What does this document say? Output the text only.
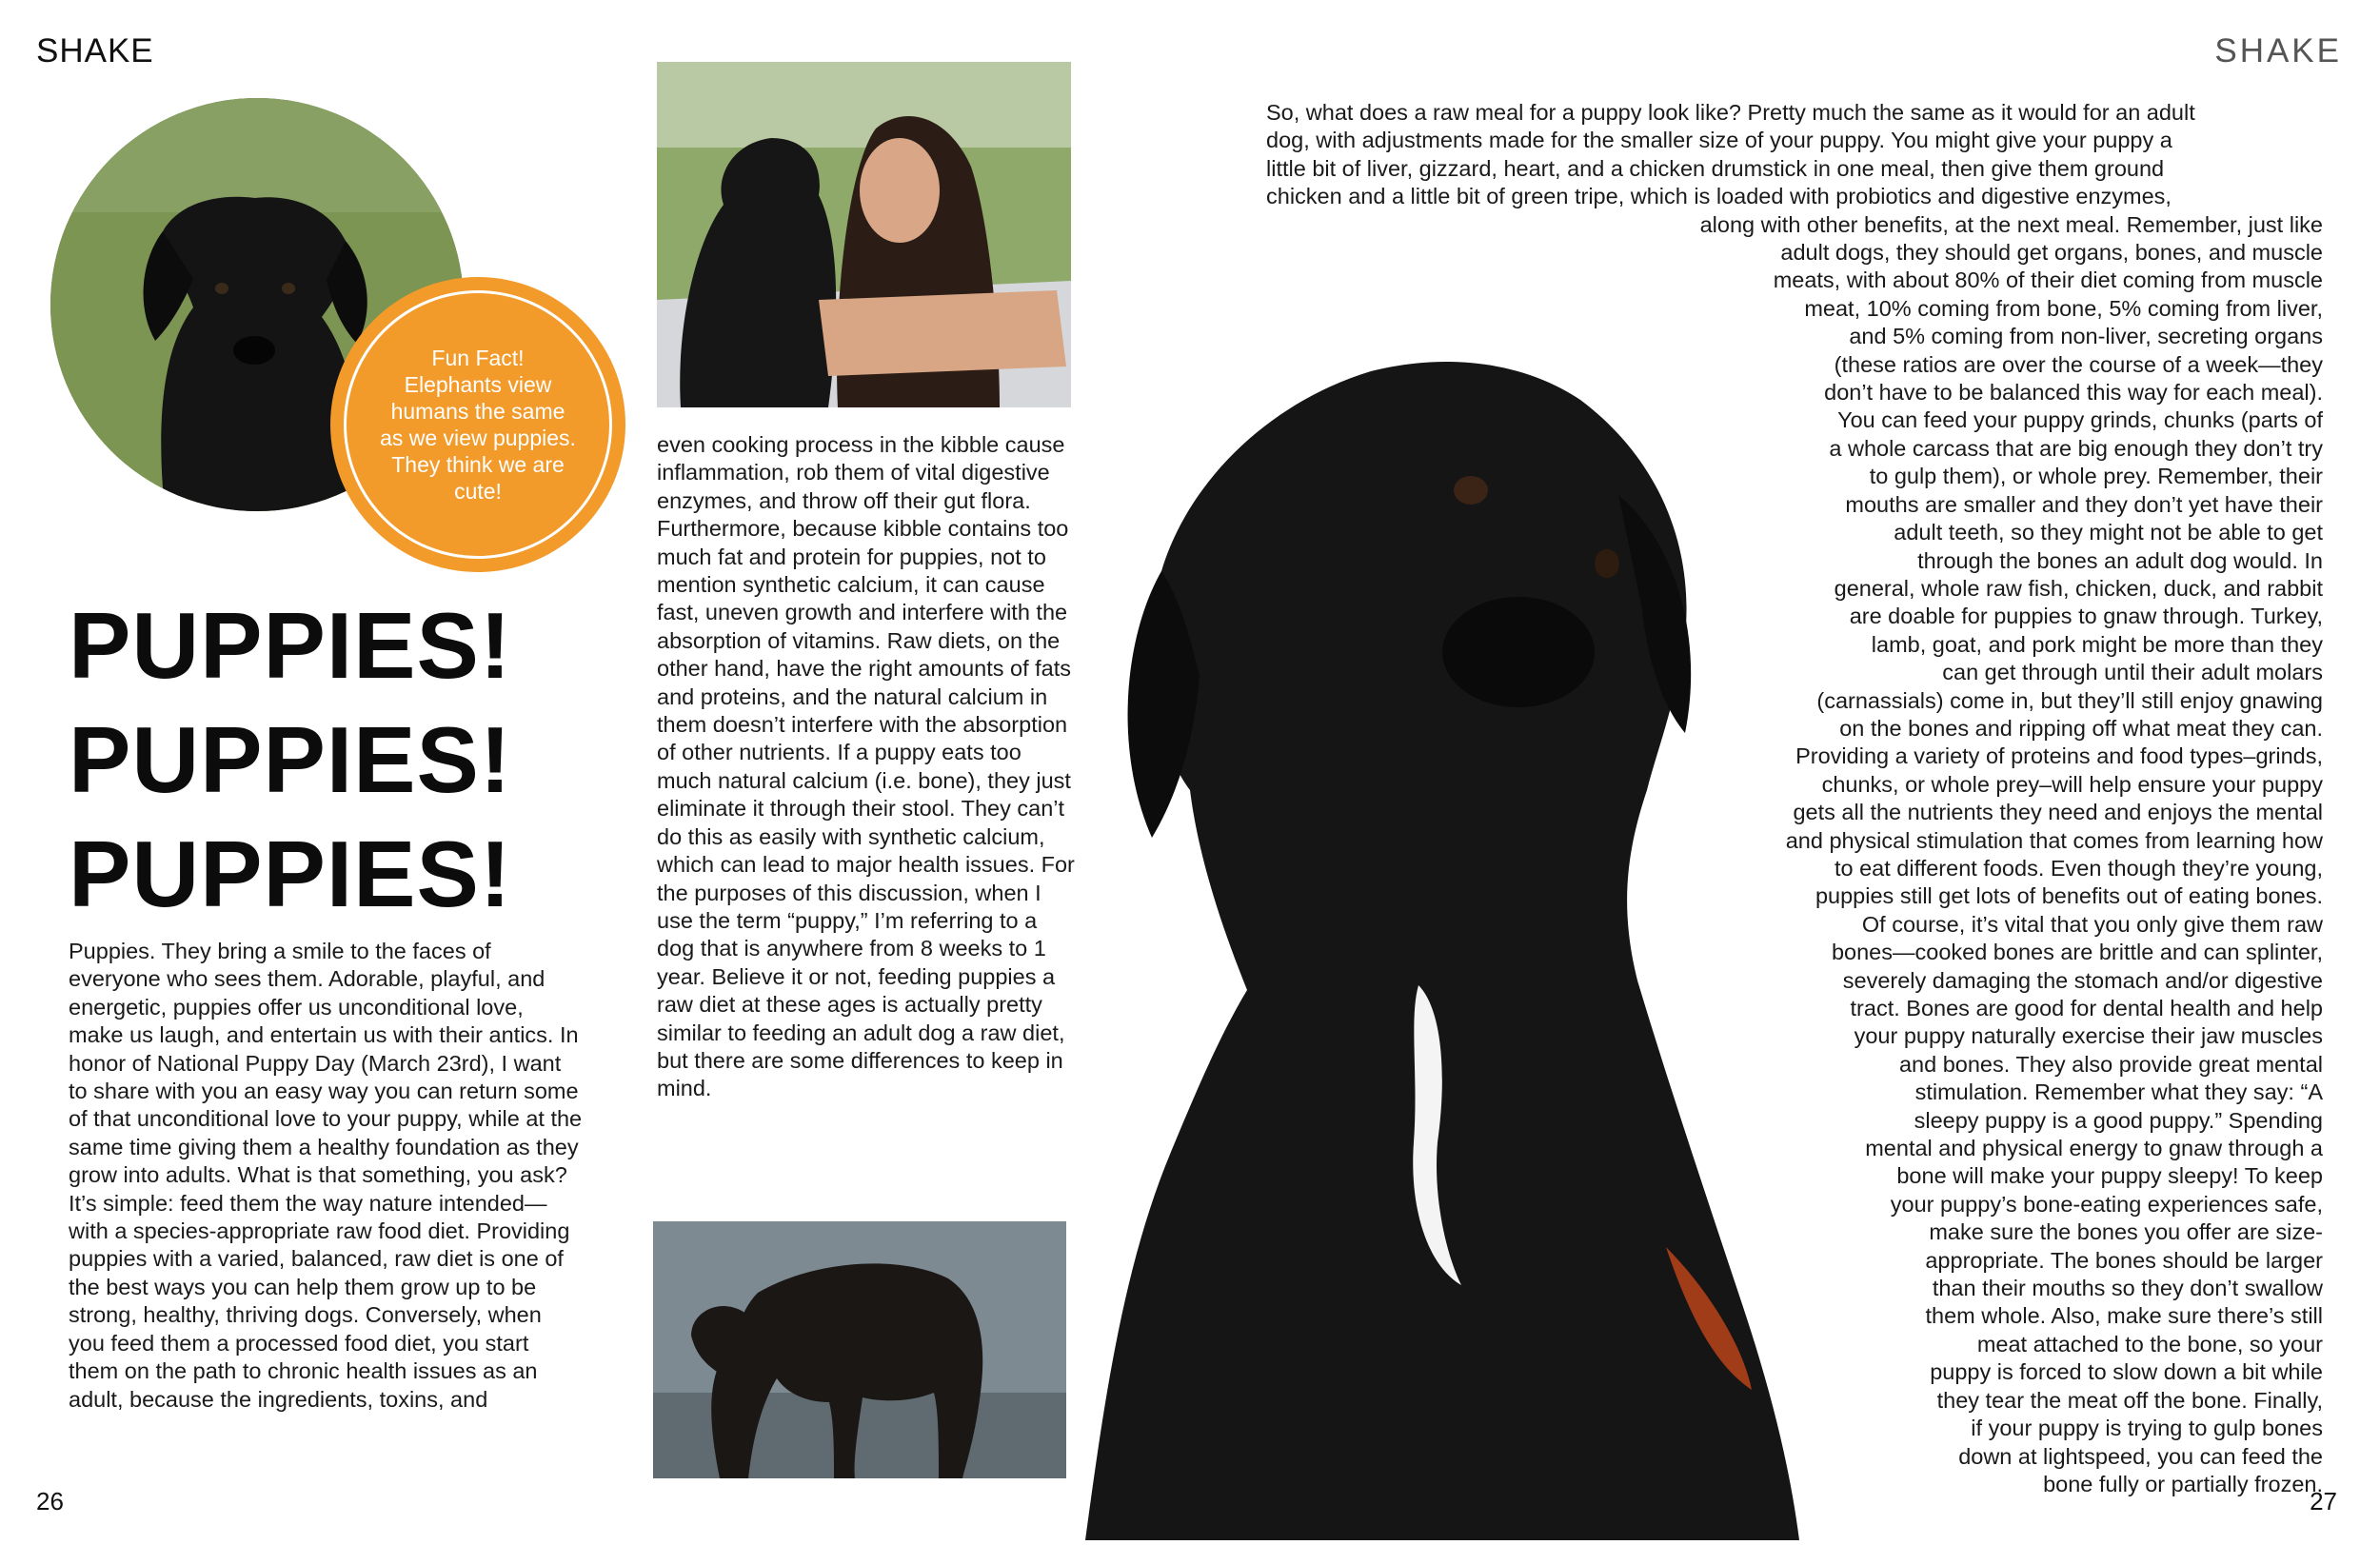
SHAKE	SHAKE
26	27
Fun Fact!
Elephants view humans the same as we view puppies. They think we are cute!
PUPPIES!
PUPPIES!
PUPPIES!
Puppies. They bring a smile to the faces of everyone who sees them. Adorable, playful, and energetic, puppies offer us unconditional love, make us laugh, and entertain us with their antics. In honor of National Puppy Day (March 23rd), I want to share with you an easy way you can return some of that unconditional love to your puppy, while at the same time giving them a healthy foundation as they grow into adults. What is that something, you ask? It’s simple: feed them the way nature intended—with a species-appropriate raw food diet. Providing puppies with a varied, balanced, raw diet is one of the best ways you can help them grow up to be strong, healthy, thriving dogs. Conversely, when you feed them a processed food diet, you start them on the path to chronic health issues as an adult, because the ingredients, toxins, and
even cooking process in the kibble cause inflammation, rob them of vital digestive enzymes, and throw off their gut flora. Furthermore, because kibble contains too much fat and protein for puppies, not to mention synthetic calcium, it can cause fast, uneven growth and interfere with the absorption of vitamins. Raw diets, on the other hand, have the right amounts of fats and proteins, and the natural calcium in them doesn’t interfere with the absorption of other nutrients. If a puppy eats too much natural calcium (i.e. bone), they just eliminate it through their stool. They can’t do this as easily with synthetic calcium, which can lead to major health issues. For the purposes of this discussion, when I use the term “puppy,” I’m referring to a dog that is anywhere from 8 weeks to 1 year. Believe it or not, feeding puppies a raw diet at these ages is actually pretty similar to feeding an adult dog a raw diet, but there are some differences to keep in mind.
So, what does a raw meal for a puppy look like? Pretty much the same as it would for an adult
dog, with adjustments made for the smaller size of your puppy. You might give your puppy a
little bit of liver, gizzard, heart, and a chicken drumstick in one meal, then give them ground
chicken and a little bit of green tripe, which is loaded with probiotics and digestive enzymes,
along with other benefits, at the next meal. Remember, just like
adult dogs, they should get organs, bones, and muscle
meats, with about 80% of their diet coming from muscle
meat, 10% coming from bone, 5% coming from liver,
and 5% coming from non-liver, secreting organs
(these ratios are over the course of a week—they
don’t have to be balanced this way for each meal).
You can feed your puppy grinds, chunks (parts of
a whole carcass that are big enough they don’t try
to gulp them), or whole prey. Remember, their
mouths are smaller and they don’t yet have their
adult teeth, so they might not be able to get
through the bones an adult dog would. In
general, whole raw fish, chicken, duck, and rabbit
are doable for puppies to gnaw through. Turkey,
lamb, goat, and pork might be more than they
can get through until their adult molars
(carnassials) come in, but they’ll still enjoy gnawing
on the bones and ripping off what meat they can.
Providing a variety of proteins and food types–grinds,
chunks, or whole prey–will help ensure your puppy
gets all the nutrients they need and enjoys the mental
and physical stimulation that comes from learning how
to eat different foods. Even though they’re young,
puppies still get lots of benefits out of eating bones.
Of course, it’s vital that you only give them raw
bones—cooked bones are brittle and can splinter,
severely damaging the stomach and/or digestive
tract. Bones are good for dental health and help
your puppy naturally exercise their jaw muscles
and bones. They also provide great mental
stimulation. Remember what they say: “A
sleepy puppy is a good puppy.” Spending
mental and physical energy to gnaw through a
bone will make your puppy sleepy! To keep
your puppy’s bone-eating experiences safe,
make sure the bones you offer are size-
appropriate. The bones should be larger
than their mouths so they don’t swallow
them whole. Also, make sure there’s still
meat attached to the bone, so your
puppy is forced to slow down a bit while
they tear the meat off the bone. Finally,
if your puppy is trying to gulp bones
down at lightspeed, you can feed the
bone fully or partially frozen.
